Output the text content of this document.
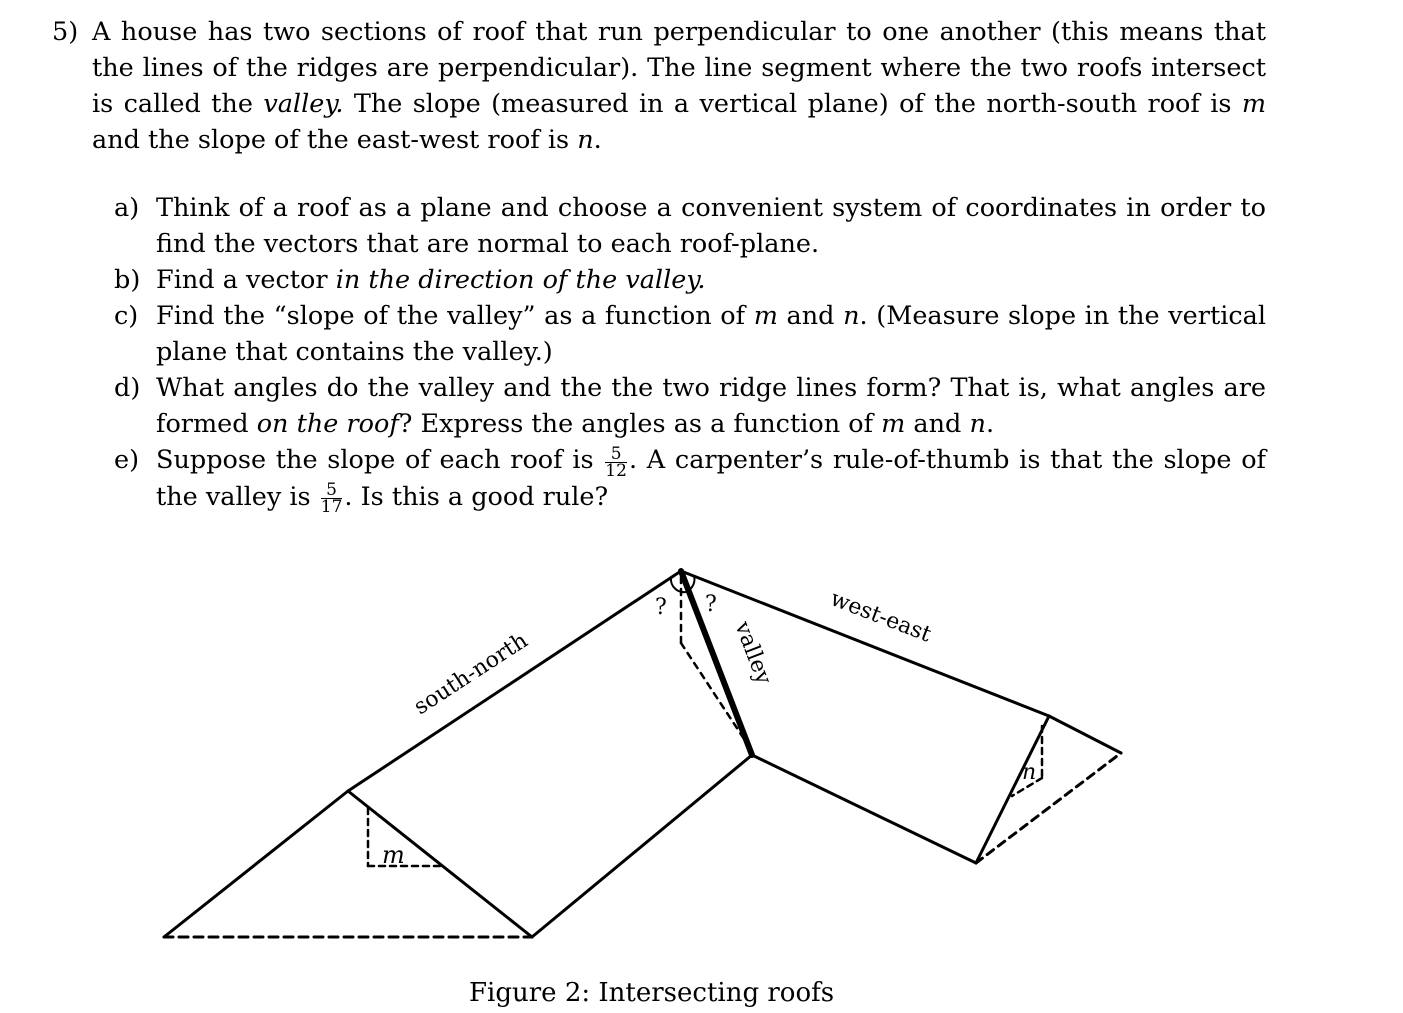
5) A house has two sections of roof that run perpendicular to one another (this means that the lines of the ridges are perpendicular). The line segment where the two roofs intersect is called the valley. The slope (measured in a vertical plane) of the north-south roof is m and the slope of the east-west roof is n.
a) Think of a roof as a plane and choose a convenient system of coordinates in order to find the vectors that are normal to each roof-plane.
b) Find a vector in the direction of the valley.
c) Find the “slope of the valley” as a function of m and n. (Measure slope in the vertical plane that contains the valley.)
d) What angles do the valley and the the two ridge lines form? That is, what angles are formed on the roof? Express the angles as a function of m and n.
e) Suppose the slope of each roof is $\frac{5}{12}$ . A carpenter’s rule-of-thumb is that the slope of the valley is $\frac{5}{17}$ . Is this a good rule?
south-north
west-east
valley
? ?
m
n
Figure 2: Intersecting roofs
